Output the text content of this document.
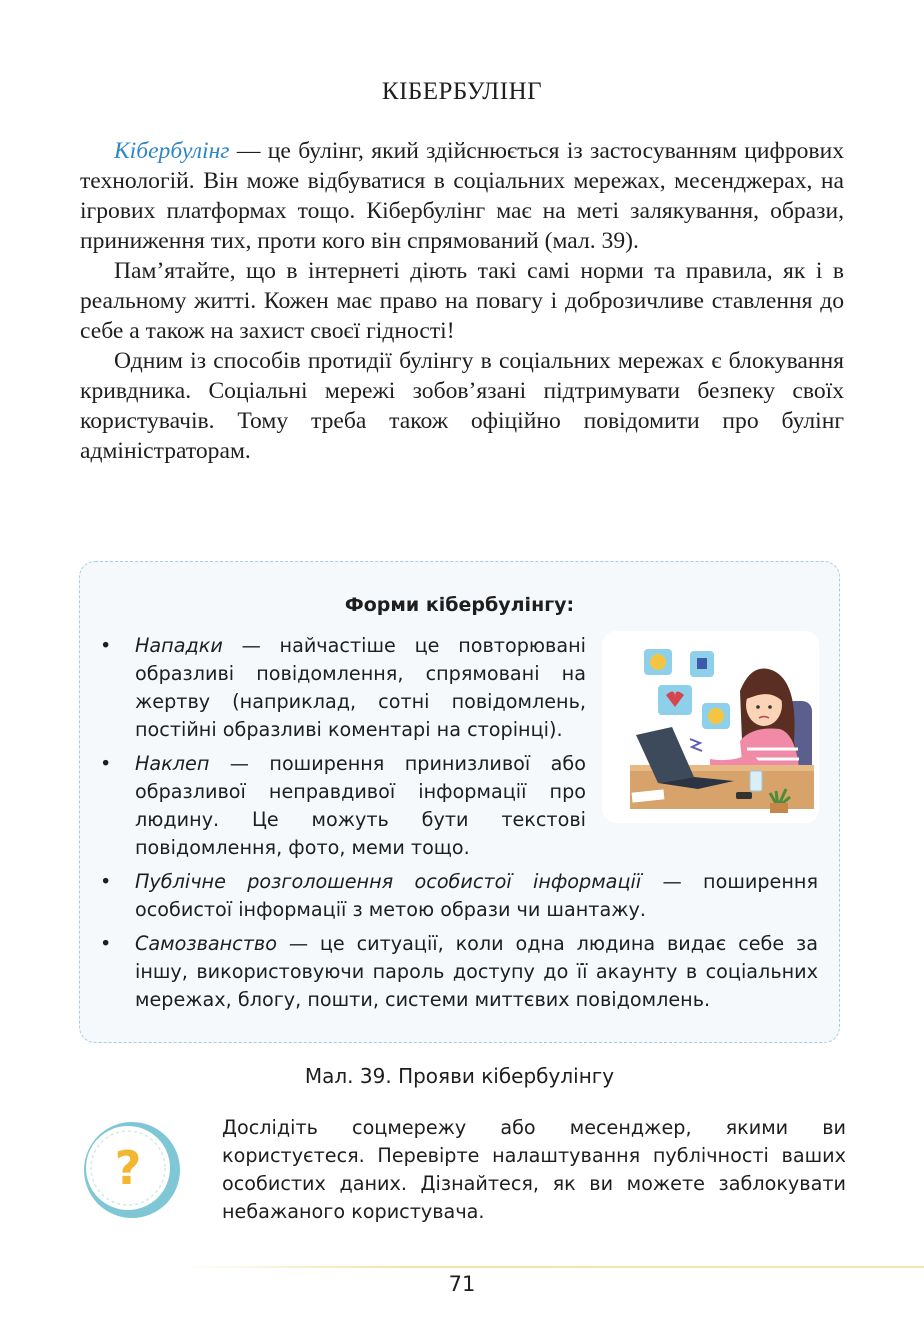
КІБЕРБУЛІНГ

Кібербулінг — це булінг, який здійснюється із застосуванням цифрових технологій. Він може відбуватися в соціальних мережах, месенджерах, на ігрових платформах тощо. Кібербулінг має на меті залякування, образи, приниження тих, проти кого він спрямований (мал. 39).

Пам’ятайте, що в інтернеті діють такі самі норми та правила, як і в реальному житті. Кожен має право на повагу і доброзичливе ставлення до себе а також на захист своєї гідності!

Одним із способів протидії булінгу в соціальних мережах є блокування кривдника. Соціальні мережі зобов’язані підтримувати безпеку своїх користувачів. Тому треба також офіційно повідомити про булінг адміністраторам.

Форми кібербулінгу:
• Нападки — найчастіше це повторювані образливі повідомлення, спрямовані на жертву (наприклад, сотні повідомлень, постійні образливі коментарі на сторінці).
• Наклеп — поширення принизливої або образливої неправдивої інформації про людину. Це можуть бути текстові повідомлення, фото, меми тощо.
• Публічне розголошення особистої інформації — поширення особистої інформації з метою образи чи шантажу.
• Самозванство — це ситуації, коли одна людина видає себе за іншу, використовуючи пароль доступу до її акаунту в соціальних мережах, блогу, пошти, системи миттєвих повідомлень.
Мал. 39. Прояви кібербулінгу
?
Дослідіть соцмережу або месенджер, якими ви користуєтеся. Перевірте налаштування публічності ваших особистих даних. Дізнайтеся, як ви можете заблокувати небажаного користувача.
71
